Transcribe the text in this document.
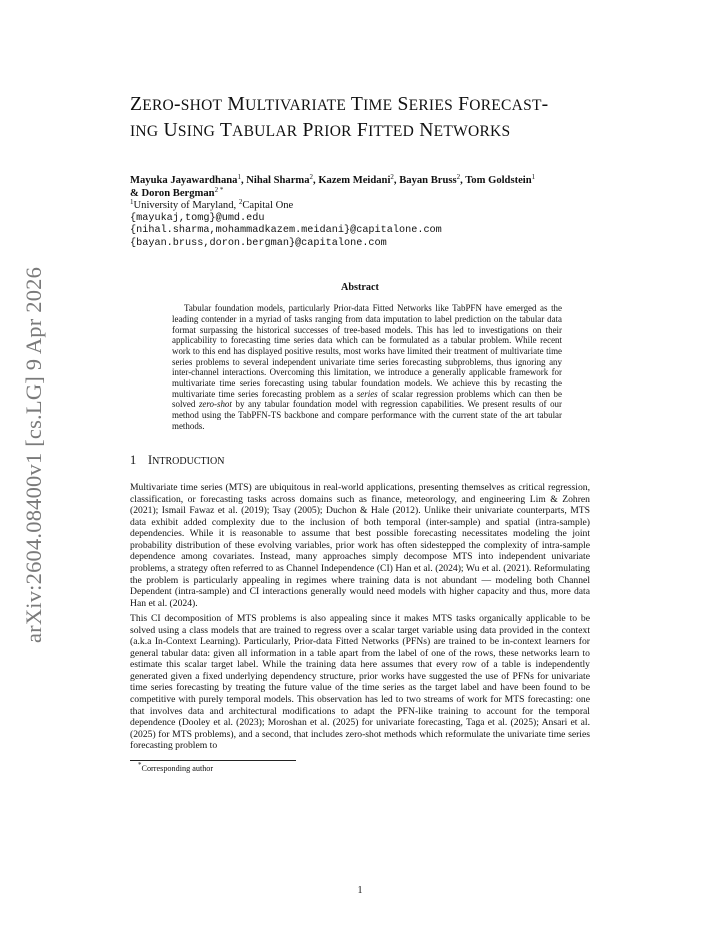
arXiv:2604.08400v1 [cs.LG] 9 Apr 2026
ZERO-SHOT MULTIVARIATE TIME SERIES FORECAST-
ING USING TABULAR PRIOR FITTED NETWORKS
Mayuka Jayawardhana$^1$, Nihal Sharma$^2$, Kazem Meidani$^2$, Bayan Bruss$^2$, Tom Goldstein$^1$
& Doron Bergman$^{2 *}$
$^1$University of Maryland, $^2$Capital One
{mayukaj,tomg}@umd.edu
{nihal.sharma,mohammadkazem.meidani}@capitalone.com
{bayan.bruss,doron.bergman}@capitalone.com
Abstract

Tabular foundation models, particularly Prior-data Fitted Networks like TabPFN have emerged as the leading contender in a myriad of tasks ranging from data imputation to label prediction on the tabular data format surpassing the historical successes of tree-based models. This has led to investigations on their applicability to forecasting time series data which can be formulated as a tabular problem. While recent work to this end has displayed positive results, most works have limited their treatment of multivariate time series problems to several independent univariate time series forecasting subproblems, thus ignoring any inter-channel interactions. Overcoming this limitation, we introduce a generally applicable framework for multivariate time series forecasting using tabular foundation models. We achieve this by recasting the multivariate time series forecasting problem as a series of scalar regression problems which can then be solved zero-shot by any tabular foundation model with regression capabilities. We present results of our method using the TabPFN-TS backbone and compare performance with the current state of the art tabular methods.

1 INTRODUCTION

Multivariate time series (MTS) are ubiquitous in real-world applications, presenting themselves as critical regression, classification, or forecasting tasks across domains such as finance, meteorology, and engineering Lim & Zohren (2021); Ismail Fawaz et al. (2019); Tsay (2005); Duchon & Hale (2012). Unlike their univariate counterparts, MTS data exhibit added complexity due to the inclusion of both temporal (inter-sample) and spatial (intra-sample) dependencies. While it is reasonable to assume that best possible forecasting necessitates modeling the joint probability distribution of these evolving variables, prior work has often sidestepped the complexity of intra-sample dependence among covariates. Instead, many approaches simply decompose MTS into independent univariate problems, a strategy often referred to as Channel Independence (CI) Han et al. (2024); Wu et al. (2021). Reformulating the problem is particularly appealing in regimes where training data is not abundant — modeling both Channel Dependent (intra-sample) and CI interactions generally would need models with higher capacity and thus, more data Han et al. (2024).

This CI decomposition of MTS problems is also appealing since it makes MTS tasks organically applicable to be solved using a class models that are trained to regress over a scalar target variable using data provided in the context (a.k.a In-Context Learning). Particularly, Prior-data Fitted Networks (PFNs) are trained to be in-context learners for general tabular data: given all information in a table apart from the label of one of the rows, these networks learn to estimate this scalar target label. While the training data here assumes that every row of a table is independently generated given a fixed underlying dependency structure, prior works have suggested the use of PFNs for univariate time series forecasting by treating the future value of the time series as the target label and have been found to be competitive with purely temporal models. This observation has led to two streams of work for MTS forecasting: one that involves data and architectural modifications to adapt the PFN-like training to account for the temporal dependence (Dooley et al. (2023); Moroshan et al. (2025) for univariate forecasting, Taga et al. (2025); Ansari et al. (2025) for MTS problems), and a second, that includes zero-shot methods which reformulate the univariate time series forecasting problem to

*Corresponding author
1
